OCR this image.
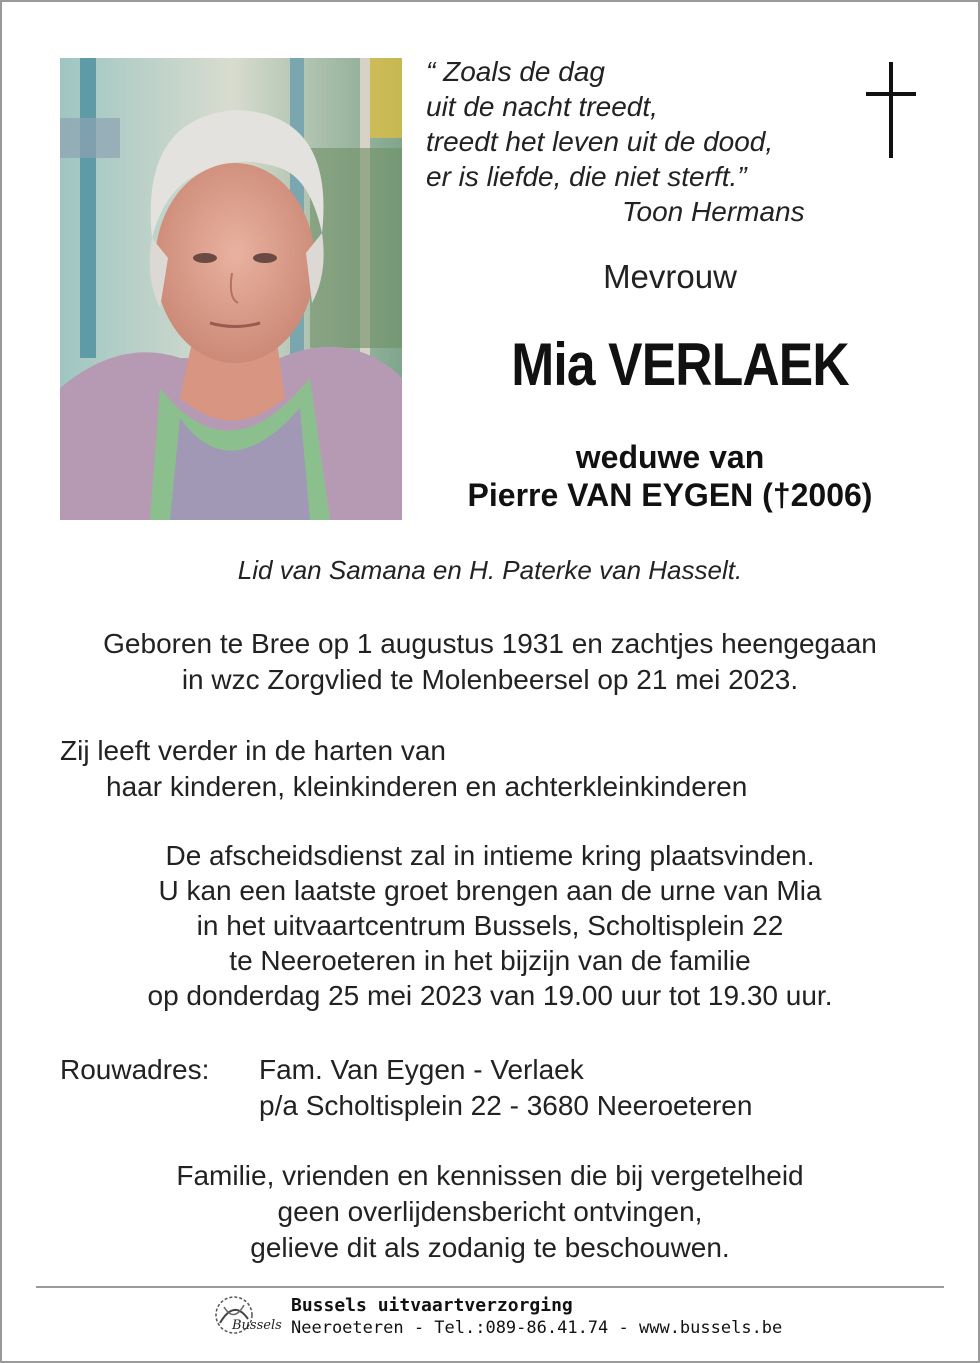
“ Zoals de dag
uit de nacht treedt,
treedt het leven uit de dood,
er is liefde, die niet sterft.”

Toon Hermans
Mevrouw
Mia VERLAEK
weduwe van
Pierre VAN EYGEN (†2006)
Lid van Samana en H. Paterke van Hasselt.
Geboren te Bree op 1 augustus 1931 en zachtjes heengegaan
in wzc Zorgvlied te Molenbeersel op 21 mei 2023.
Zij leeft verder in de harten van

haar kinderen, kleinkinderen en achterkleinkinderen
De afscheidsdienst zal in intieme kring plaatsvinden.
U kan een laatste groet brengen aan de urne van Mia
in het uitvaartcentrum Bussels, Scholtisplein 22
te Neeroeteren in het bijzijn van de familie
op donderdag 25 mei 2023 van 19.00 uur tot 19.30 uur.
Rouwadres: Fam. Van Eygen - Verlaek
p/a Scholtisplein 22 - 3680 Neeroeteren
Familie, vrienden en kennissen die bij vergetelheid
geen overlijdensbericht ontvingen,
gelieve dit als zodanig te beschouwen.
Bussels
Bussels uitvaartverzorging
Neeroeteren - Tel.:089-86.41.74 - www.bussels.be
